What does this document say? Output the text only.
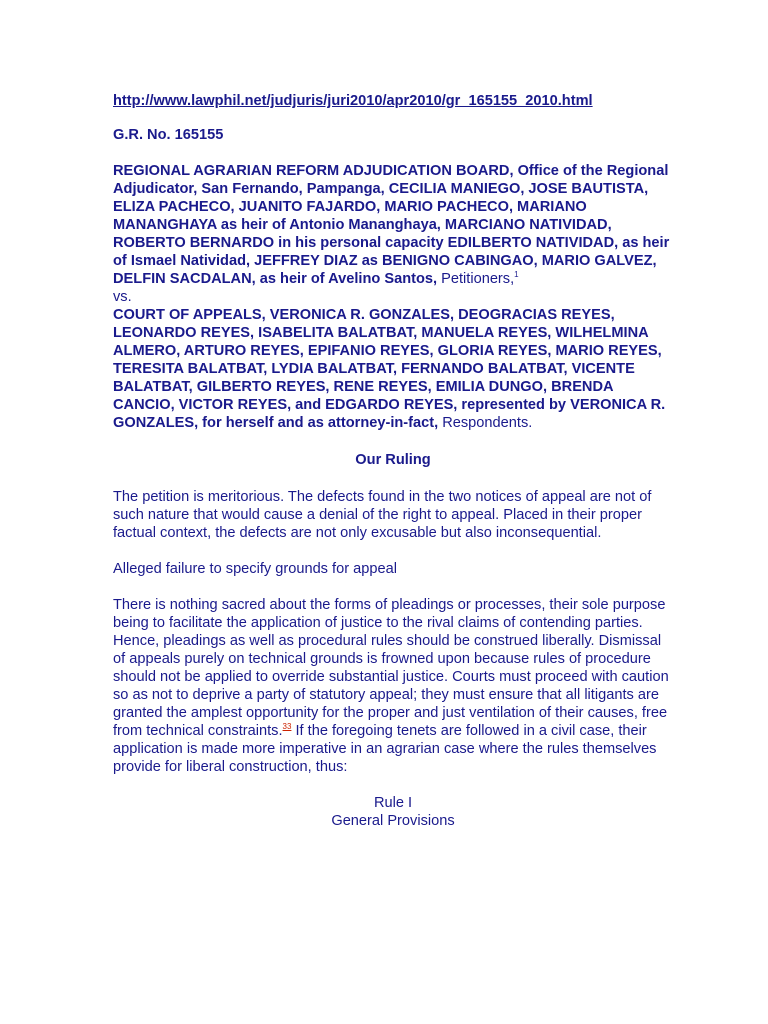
http://www.lawphil.net/judjuris/juri2010/apr2010/gr_165155_2010.html
G.R. No. 165155
REGIONAL AGRARIAN REFORM ADJUDICATION BOARD, Office of the Regional Adjudicator, San Fernando, Pampanga, CECILIA MANIEGO, JOSE BAUTISTA, ELIZA PACHECO, JUANITO FAJARDO, MARIO PACHECO, MARIANO MANANGHAYA as heir of Antonio Mananghaya, MARCIANO NATIVIDAD, ROBERTO BERNARDO in his personal capacity EDILBERTO NATIVIDAD, as heir of Ismael Natividad, JEFFREY DIAZ as BENIGNO CABINGAO, MARIO GALVEZ, DELFIN SACDALAN, as heir of Avelino Santos, Petitioners,$^1$
vs.
COURT OF APPEALS, VERONICA R. GONZALES, DEOGRACIAS REYES, LEONARDO REYES, ISABELITA BALATBAT, MANUELA REYES, WILHELMINA ALMERO, ARTURO REYES, EPIFANIO REYES, GLORIA REYES, MARIO REYES, TERESITA BALATBAT, LYDIA BALATBAT, FERNANDO BALATBAT, VICENTE BALATBAT, GILBERTO REYES, RENE REYES, EMILIA DUNGO, BRENDA CANCIO, VICTOR REYES, and EDGARDO REYES, represented by VERONICA R. GONZALES, for herself and as attorney-in-fact, Respondents.
Our Ruling

The petition is meritorious. The defects found in the two notices of appeal are not of such nature that would cause a denial of the right to appeal. Placed in their proper factual context, the defects are not only excusable but also inconsequential.

Alleged failure to specify grounds for appeal

There is nothing sacred about the forms of pleadings or processes, their sole purpose being to facilitate the application of justice to the rival claims of contending parties. Hence, pleadings as well as procedural rules should be construed liberally. Dismissal of appeals purely on technical grounds is frowned upon because rules of procedure should not be applied to override substantial justice. Courts must proceed with caution so as not to deprive a party of statutory appeal; they must ensure that all litigants are granted the amplest opportunity for the proper and just ventilation of their causes, free from technical constraints.$^{33}$ If the foregoing tenets are followed in a civil case, their application is made more imperative in an agrarian case where the rules themselves provide for liberal construction, thus:

Rule I

General Provisions
